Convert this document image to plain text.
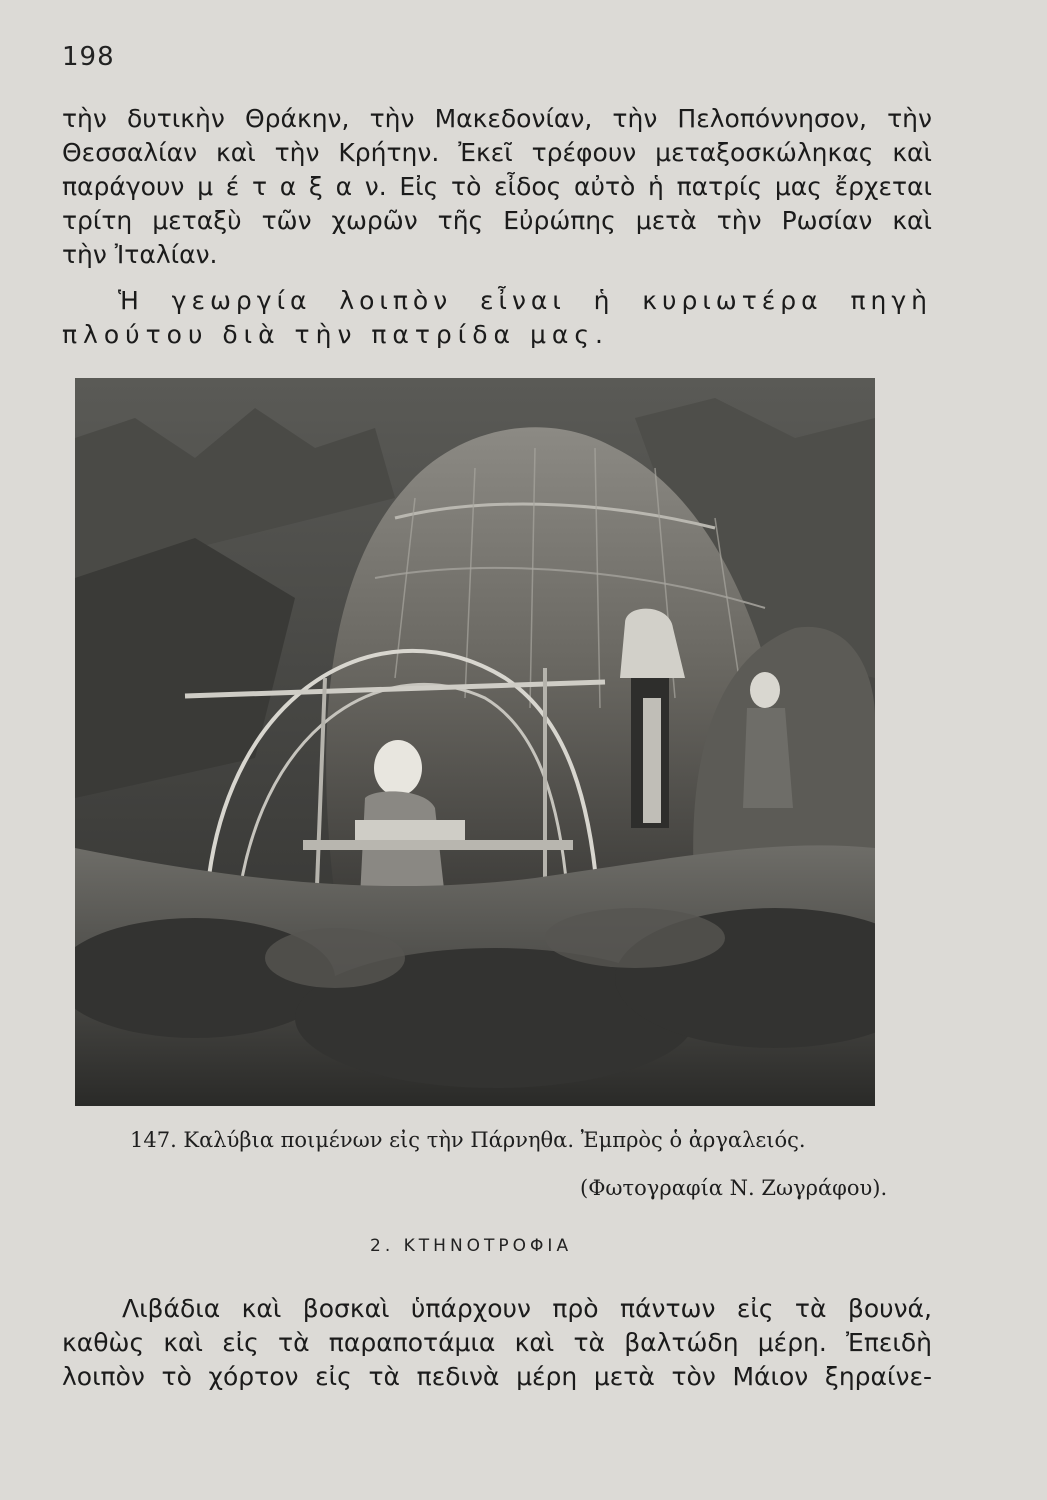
198
τὴν δυτικὴν Θράκην, τὴν Μακεδονίαν, τὴν Πελοπόννησον, τὴν
Θεσσαλίαν καὶ τὴν Κρήτην. Ἐκεῖ τρέφουν μεταξοσκώληκας καὶ
παράγουν μ έ τ α ξ α ν. Εἰς τὸ εἶδος αὐτὸ ἡ πατρίς μας ἔρχεται
τρίτη μεταξὺ τῶν χωρῶν τῆς Εὐρώπης μετὰ τὴν Ρωσίαν καὶ
τὴν Ἰταλίαν.
Ἡ γεωργία λοιπὸν εἶναι ἡ κυριωτέρα πηγὴ
πλούτου διὰ τὴν πατρίδα μας.
147. Καλύβια ποιμένων εἰς τὴν Πάρνηθα. Ἐμπρὸς ὁ ἀργαλειός.
(Φωτογραφία Ν. Ζωγράφου).
2. ΚΤΗΝΟΤΡΟΦΙΑ
Λιβάδια καὶ βοσκαὶ ὑπάρχουν πρὸ πάντων εἰς τὰ βουνά,
καθὼς καὶ εἰς τὰ παραποτάμια καὶ τὰ βαλτώδη μέρη. Ἐπειδὴ
λοιπὸν τὸ χόρτον εἰς τὰ πεδινὰ μέρη μετὰ τὸν Μάιον ξηραίνε-
